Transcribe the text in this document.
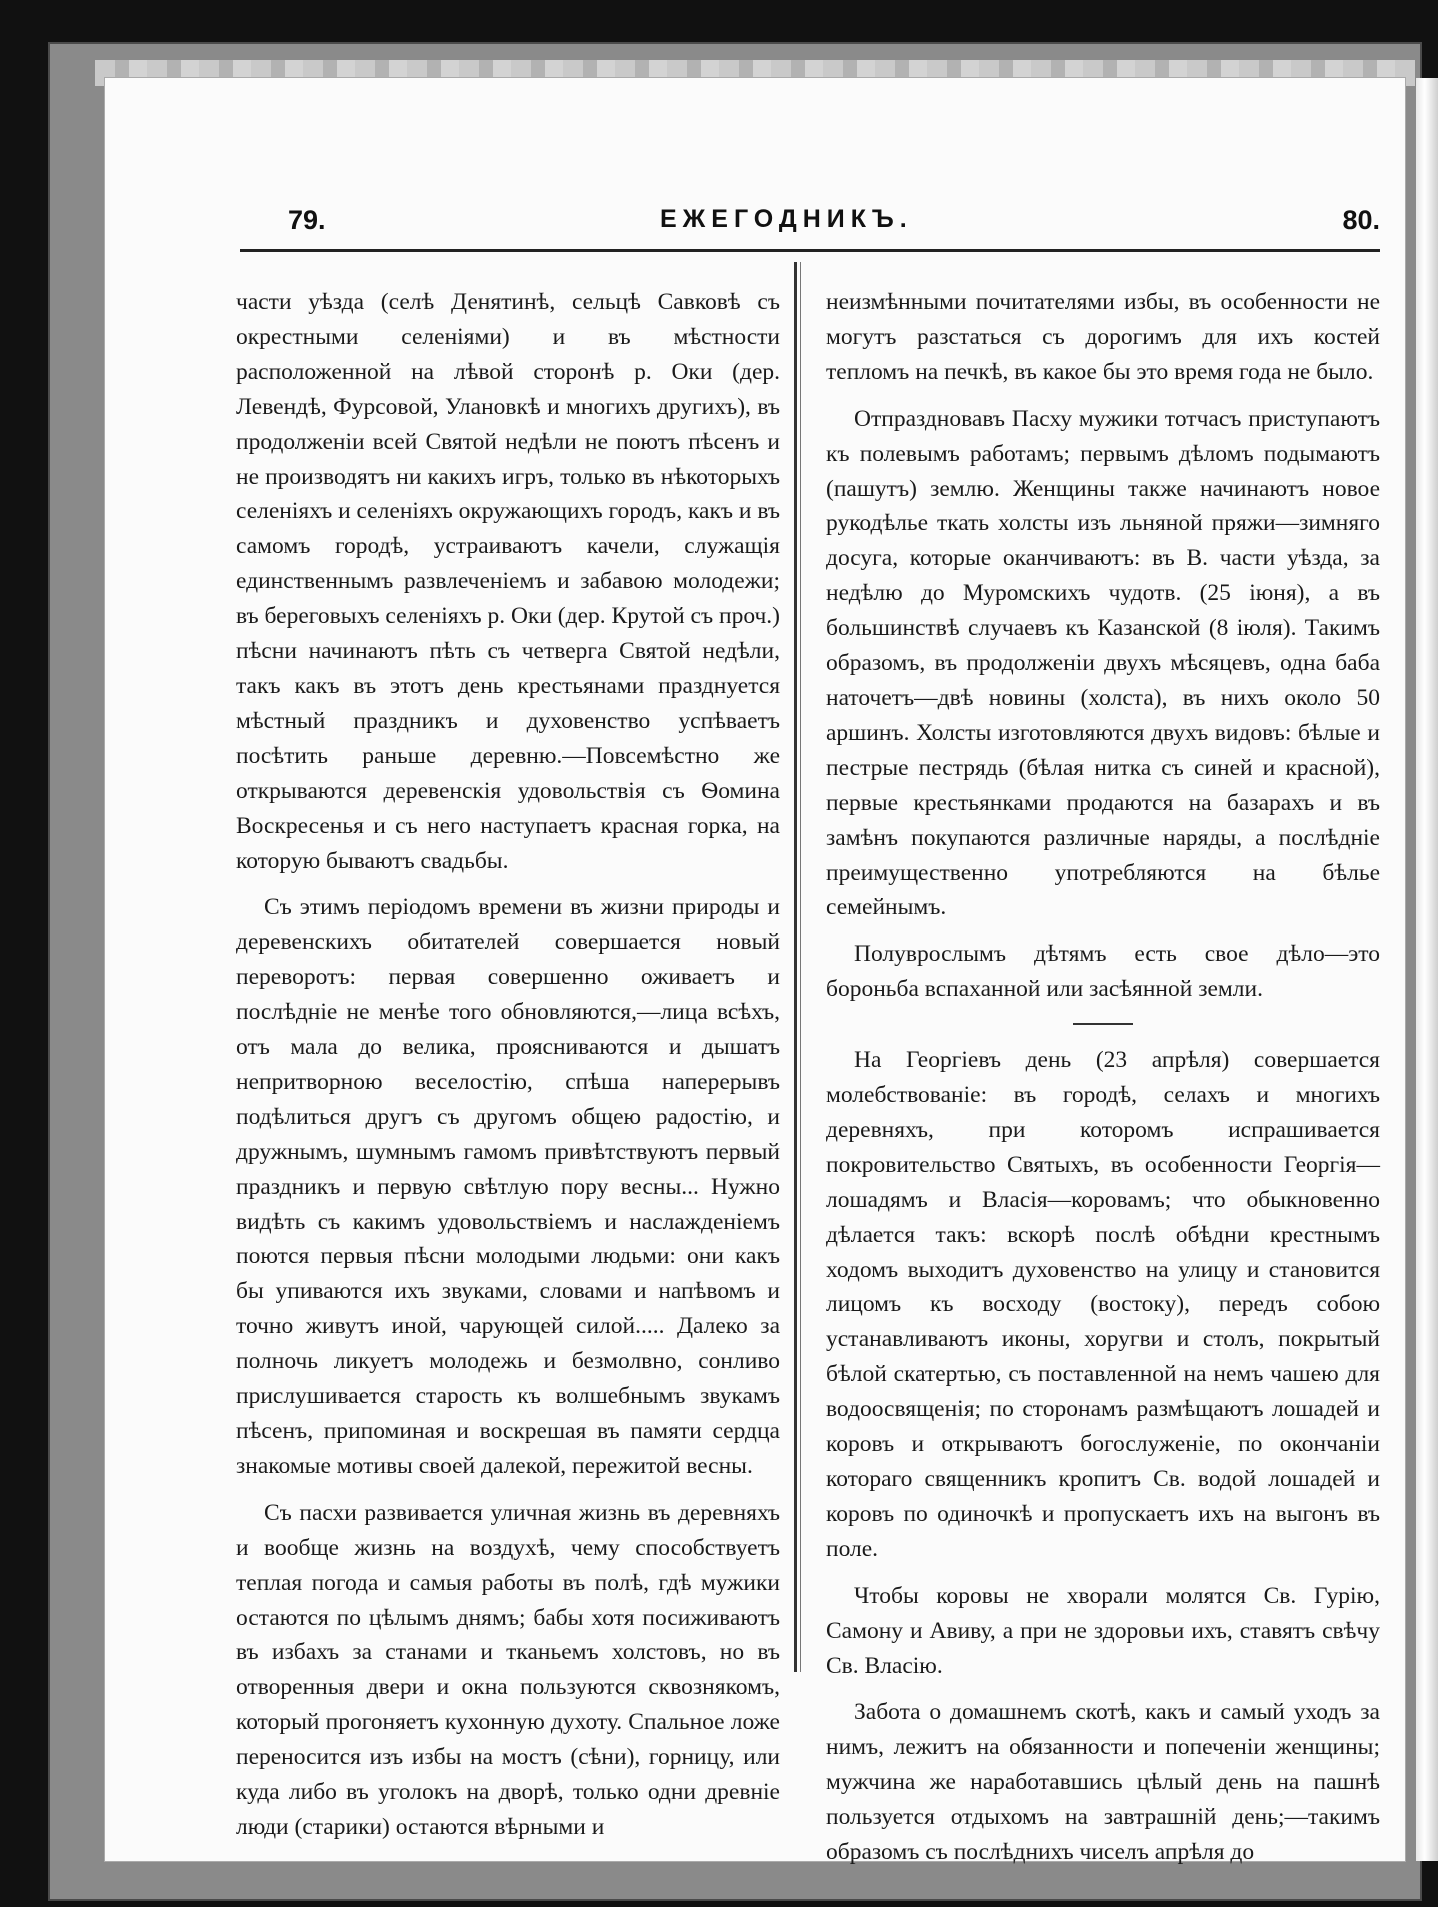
79.	ЕЖЕГОДНИКЪ.	80.

части уѣзда (селѣ Денятинѣ, сельцѣ Савковѣ съ окрестными селеніями) и въ мѣстности расположенной на лѣвой сторонѣ р. Оки (дер. Левендѣ, Фурсовой, Улановкѣ и многихъ другихъ), въ продолженіи всей Святой недѣли не поютъ пѣсенъ и не производятъ ни какихъ игръ, только въ нѣкоторыхъ селеніяхъ и селеніяхъ окружающихъ городъ, какъ и въ самомъ городѣ, устраиваютъ качели, служащія единственнымъ развлеченіемъ и забавою молодежи; въ береговыхъ селеніяхъ р. Оки (дер. Крутой съ проч.) пѣсни начинаютъ пѣть съ четверга Святой недѣли, такъ какъ въ этотъ день крестьянами празднуется мѣстный праздникъ и духовенство успѣваетъ посѣтить раньше деревню.—Повсемѣстно же открываются деревенскія удовольствія съ Ѳомина Воскресенья и съ него наступаетъ красная горка, на которую бываютъ свадьбы.

Съ этимъ періодомъ времени въ жизни природы и деревенскихъ обитателей совершается новый переворотъ: первая совершенно оживаетъ и послѣдніе не менѣе того обновляются,—лица всѣхъ, отъ мала до велика, проясниваются и дышатъ непритворною веселостію, спѣша наперерывъ подѣлиться другъ съ другомъ общею радостію, и дружнымъ, шумнымъ гамомъ привѣтствуютъ первый праздникъ и первую свѣтлую пору весны... Нужно видѣть съ какимъ удовольствіемъ и наслажденіемъ поются первыя пѣсни молодыми людьми: они какъ бы упиваются ихъ звуками, словами и напѣвомъ и точно живутъ иной, чарующей силой..... Далеко за полночь ликуетъ молодежь и безмолвно, сонливо прислушивается старость къ волшебнымъ звукамъ пѣсенъ, припоминая и воскрешая въ памяти сердца знакомые мотивы своей далекой, пережитой весны.

Съ пасхи развивается уличная жизнь въ деревняхъ и вообще жизнь на воздухѣ, чему способствуетъ теплая погода и самыя работы въ полѣ, гдѣ мужики остаются по цѣлымъ днямъ; бабы хотя посиживаютъ въ избахъ за станами и тканьемъ холстовъ, но въ отворенныя двери и окна пользуются сквознякомъ, который прогоняетъ кухонную духоту. Спальное ложе переносится изъ избы на мостъ (сѣни), горницу, или куда либо въ уголокъ на дворѣ, только одни древніе люди (старики) остаются вѣрными и

неизмѣнными почитателями избы, въ особенности не могутъ разстаться съ дорогимъ для ихъ костей тепломъ на печкѣ, въ какое бы это время года не было.

Отпраздновавъ Пасху мужики тотчасъ приступаютъ къ полевымъ работамъ; первымъ дѣломъ подымаютъ (пашутъ) землю. Женщины также начинаютъ новое рукодѣлье ткать холсты изъ льняной пряжи—зимняго досуга, которые оканчиваютъ: въ В. части уѣзда, за недѣлю до Муромскихъ чудотв. (25 іюня), а въ большинствѣ случаевъ къ Казанской (8 іюля). Такимъ образомъ, въ продолженіи двухъ мѣсяцевъ, одна баба наточетъ—двѣ новины (холста), въ нихъ около 50 аршинъ. Холсты изготовляются двухъ видовъ: бѣлые и пестрые пестрядь (бѣлая нитка съ синей и красной), первые крестьянками продаются на базарахъ и въ замѣнъ покупаются различные наряды, а послѣдніе преимущественно употребляются на бѣлье семейнымъ.

Полуврослымъ дѣтямъ есть свое дѣло—это бороньба вспаханной или засѣянной земли.

На Георгіевъ день (23 апрѣля) совершается молебствованіе: въ городѣ, селахъ и многихъ деревняхъ, при которомъ испрашивается покровительство Святыхъ, въ особенности Георгія—лошадямъ и Власія—коровамъ; что обыкновенно дѣлается такъ: вскорѣ послѣ обѣдни крестнымъ ходомъ выходитъ духовенство на улицу и становится лицомъ къ восходу (востоку), передъ собою устанавливаютъ иконы, хоругви и столъ, покрытый бѣлой скатертью, съ поставленной на немъ чашею для водоосвященія; по сторонамъ размѣщаютъ лошадей и коровъ и открываютъ богослуженіе, по окончаніи котораго священникъ кропитъ Св. водой лошадей и коровъ по одиночкѣ и пропускаетъ ихъ на выгонъ въ поле.

Чтобы коровы не хворали молятся Св. Гурію, Самону и Авиву, а при не здоровьи ихъ, ставятъ свѣчу Св. Власію.

Забота о домашнемъ скотѣ, какъ и самый уходъ за нимъ, лежитъ на обязанности и попеченіи женщины; мужчина же наработавшись цѣлый день на пашнѣ пользуется отдыхомъ на завтрашній день;—такимъ образомъ съ послѣднихъ чиселъ апрѣля до
